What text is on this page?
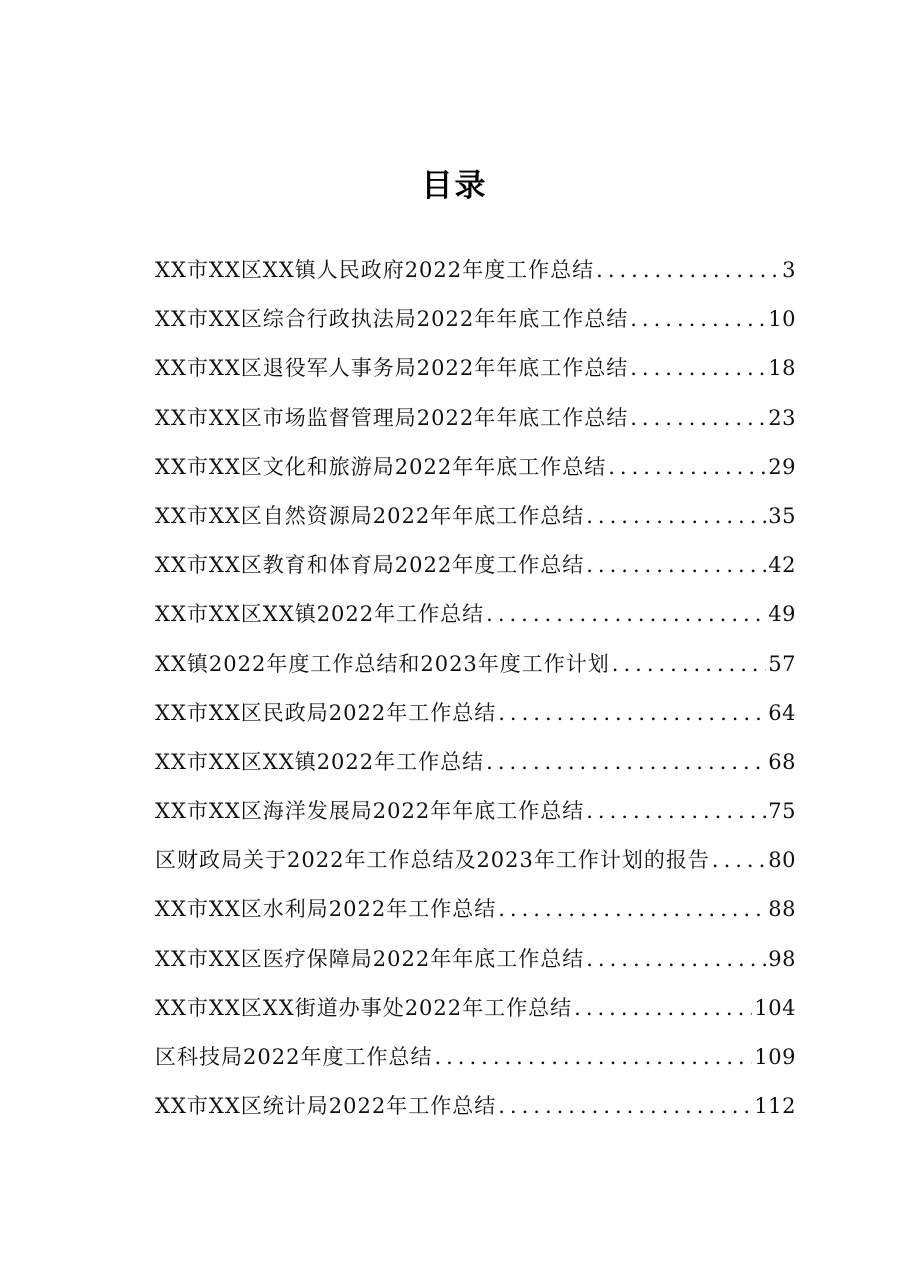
目录
XX市XX区XX镇人民政府2022年度工作总结 .....	3
XX市XX区综合行政执法局2022年年底工作总结 .....	10
XX市XX区退役军人事务局2022年年底工作总结 .....	18
XX市XX区市场监督管理局2022年年底工作总结 .....	23
XX市XX区文化和旅游局2022年年底工作总结 .....	29
XX市XX区自然资源局2022年年底工作总结 .....	35
XX市XX区教育和体育局2022年度工作总结 .....	42
XX市XX区XX镇2022年工作总结 .....	49
XX镇2022年度工作总结和2023年度工作计划 .....	57
XX市XX区民政局2022年工作总结 .....	64
XX市XX区XX镇2022年工作总结 .....	68
XX市XX区海洋发展局2022年年底工作总结 .....	75
区财政局关于2022年工作总结及2023年工作计划的报告 .....	80
XX市XX区水利局2022年工作总结 .....	88
XX市XX区医疗保障局2022年年底工作总结 .....	98
XX市XX区XX街道办事处2022年工作总结 .....	104
区科技局2022年度工作总结 .....	109
XX市XX区统计局2022年工作总结 .....	112
